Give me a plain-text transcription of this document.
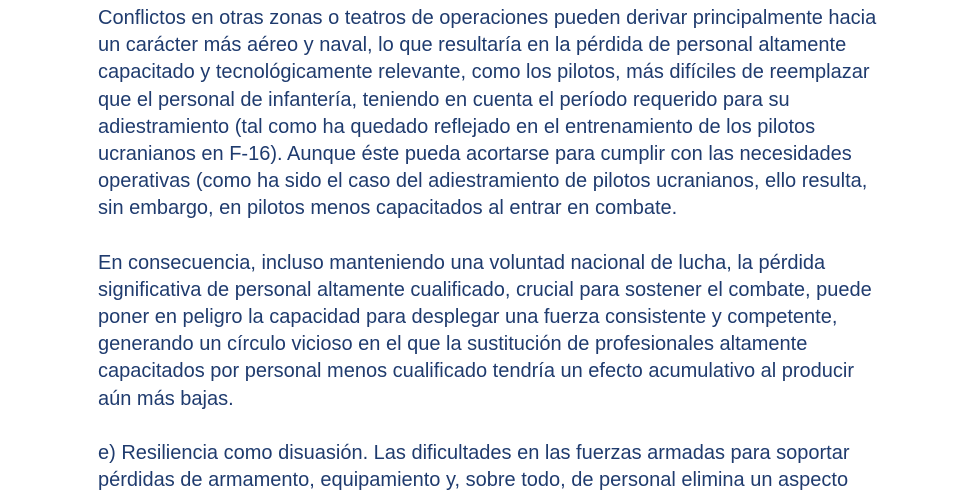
Conflictos en otras zonas o teatros de operaciones pueden derivar principalmente hacia
un carácter más aéreo y naval, lo que resultaría en la pérdida de personal altamente
capacitado y tecnológicamente relevante, como los pilotos, más difíciles de reemplazar
que el personal de infantería, teniendo en cuenta el período requerido para su
adiestramiento (tal como ha quedado reflejado en el entrenamiento de los pilotos
ucranianos en F-16). Aunque éste pueda acortarse para cumplir con las necesidades
operativas (como ha sido el caso del adiestramiento de pilotos ucranianos, ello resulta,
sin embargo, en pilotos menos capacitados al entrar en combate.

En consecuencia, incluso manteniendo una voluntad nacional de lucha, la pérdida
significativa de personal altamente cualificado, crucial para sostener el combate, puede
poner en peligro la capacidad para desplegar una fuerza consistente y competente,
generando un círculo vicioso en el que la sustitución de profesionales altamente
capacitados por personal menos cualificado tendría un efecto acumulativo al producir
aún más bajas.

e) Resiliencia como disuasión. Las dificultades en las fuerzas armadas para soportar
pérdidas de armamento, equipamiento y, sobre todo, de personal elimina un aspecto
